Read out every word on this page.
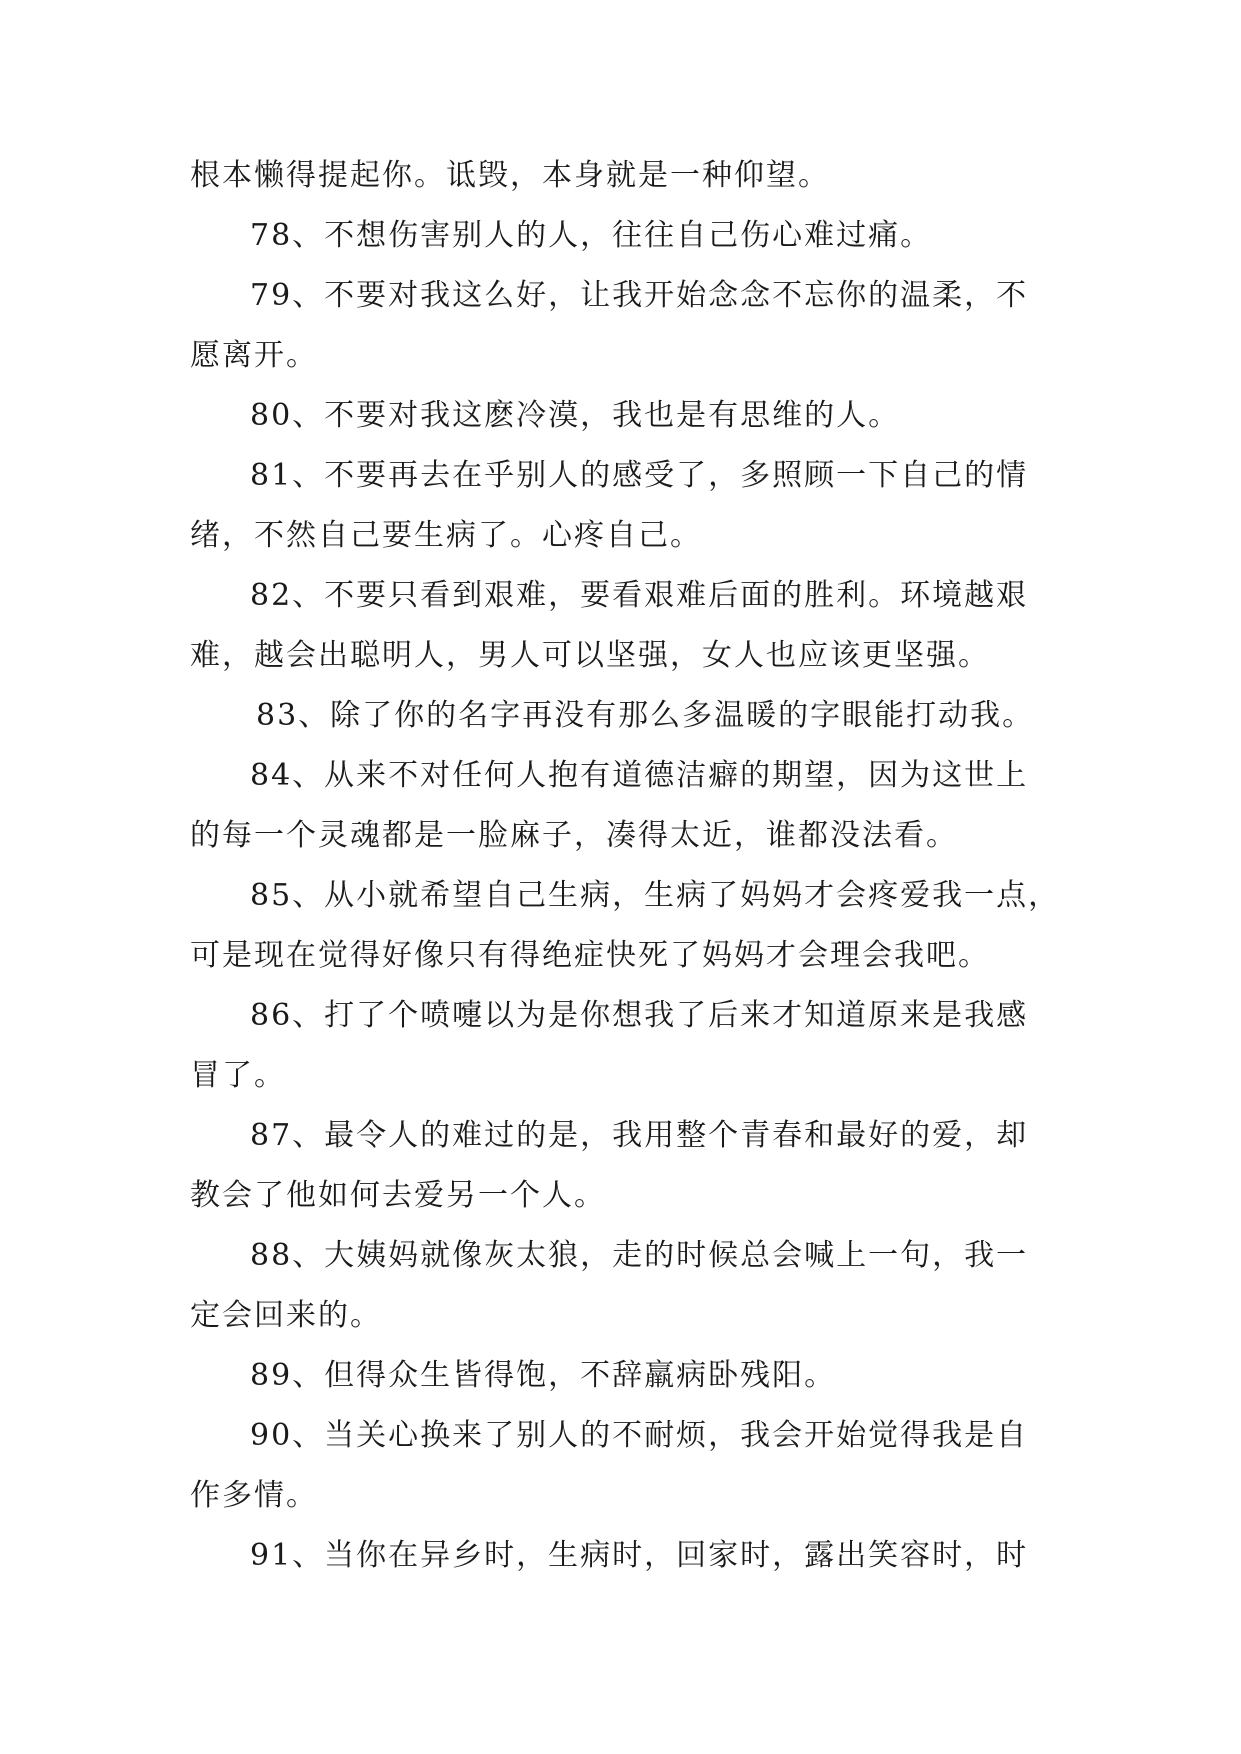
根本懒得提起你。诋毁，本身就是一种仰望。

78、不想伤害别人的人，往往自己伤心难过痛。

79、不要对我这么好，让我开始念念不忘你的温柔，不

愿离开。

80、不要对我这麽冷漠，我也是有思维的人。

81、不要再去在乎别人的感受了，多照顾一下自己的情

绪，不然自己要生病了。心疼自己。

82、不要只看到艰难，要看艰难后面的胜利。环境越艰

难，越会出聪明人，男人可以坚强，女人也应该更坚强。

83、除了你的名字再没有那么多温暖的字眼能打动我。

84、从来不对任何人抱有道德洁癖的期望，因为这世上

的每一个灵魂都是一脸麻子，凑得太近，谁都没法看。

85、从小就希望自己生病，生病了妈妈才会疼爱我一点，

可是现在觉得好像只有得绝症快死了妈妈才会理会我吧。

86、打了个喷嚏以为是你想我了后来才知道原来是我感

冒了。

87、最令人的难过的是，我用整个青春和最好的爱，却

教会了他如何去爱另一个人。

88、大姨妈就像灰太狼，走的时候总会喊上一句，我一

定会回来的。

89、但得众生皆得饱，不辞羸病卧残阳。

90、当关心换来了别人的不耐烦，我会开始觉得我是自

作多情。

91、当你在异乡时，生病时，回家时，露出笑容时，时
